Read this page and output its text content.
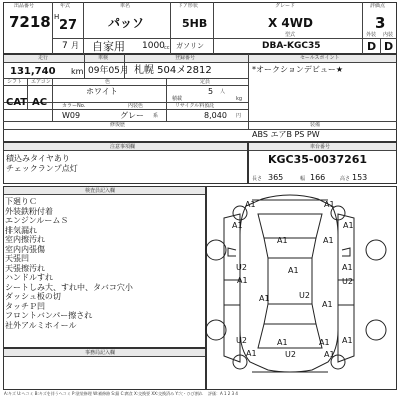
出品番号
7218
年式
H
27
7 月
車名
パッソ
自家用 1000 cc
ドア形状
5HB
ガソリン
グレード
X 4WD
型式
DBA-KGC35
評価点
3
外装 内装
D D
走行
131,740 km
車検
09年05月
登録番号
札幌 504メ2812
セールスポイント
*オークションデビュー★
シフト エアコン	色	定員
CAT AC
ホワイト	5 人
積載	kg
カラーNo.	内装色	リサイクル料預託
W09	グレー 系	8,040 円
修復歴	装備
ABS エアB PS PW
注意事項欄
積込みタイヤあり
チェックランプ点灯
車台番号
KGC35-0037261
長さ 365	幅 166	高さ 153
検査員記入欄
下廻りＣ
外装鉄粉付着
エンジンルームＳ
排気漏れ
室内擦汚れ
室内内張傷
天張凹
天張擦汚れ
ハンドルすれ
シートしみ大、すれ中、タバコ穴小
ダッシュ板の切
タッチＰ凹
フロントバンパー擦され
社外アルミホイール
事務局記入欄
A1	A1
A1	A1
A1	A1
A1
U2
A1
A1
U2
A1	U2
A1
U2	A1
A1	A1
A1	U2	A1
A:キズ U:へコミ B:キズを伴うヘコミ P:塗装修理 W:補修跡 S:錆 C:腐食 X:交換要 XX:交換済み Y:穴・ひび割れ 　評価：A 1 2 3 4
